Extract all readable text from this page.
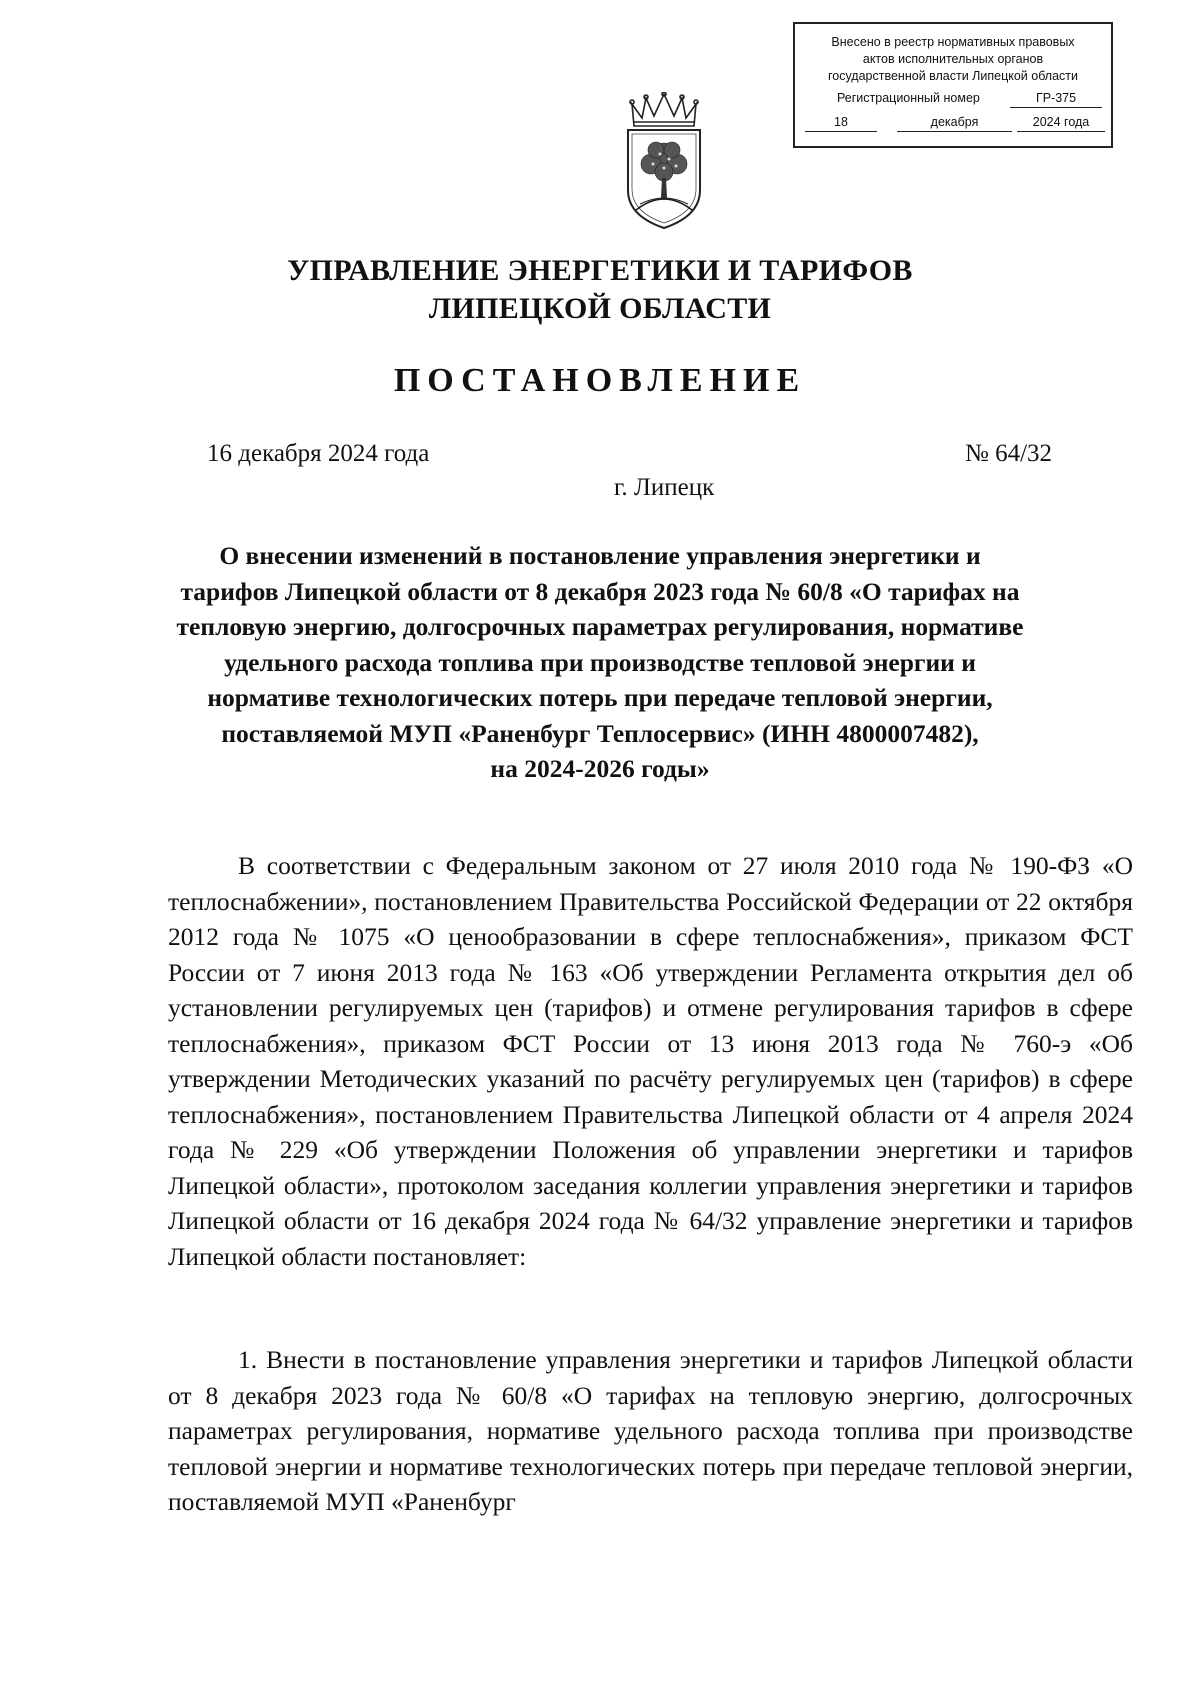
Внесено в реестр нормативных правовых
актов исполнительных органов
государственной власти Липецкой области
Регистрационный номер	ГР-375
18	декабря	2024 года
УПРАВЛЕНИЕ ЭНЕРГЕТИКИ И ТАРИФОВ
ЛИПЕЦКОЙ ОБЛАСТИ
ПОСТАНОВЛЕНИЕ
16 декабря 2024 года	№ 64/32
г. Липецк
О внесении изменений в постановление управления энергетики и
тарифов Липецкой области от 8 декабря 2023 года № 60/8 «О тарифах на
тепловую энергию, долгосрочных параметрах регулирования, нормативе
удельного расхода топлива при производстве тепловой энергии и
нормативе технологических потерь при передаче тепловой энергии,
поставляемой МУП «Раненбург Теплосервис» (ИНН 4800007482),
на 2024-2026 годы»

В соответствии с Федеральным законом от 27 июля 2010 года № 190-ФЗ «О теплоснабжении», постановлением Правительства Российской Федерации от 22 октября 2012 года № 1075 «О ценообразовании в сфере теплоснабжения», приказом ФСТ России от 7 июня 2013 года № 163 «Об утверждении Регламента открытия дел об установлении регулируемых цен (тарифов) и отмене регулирования тарифов в сфере теплоснабжения», приказом ФСТ России от 13 июня 2013 года № 760-э «Об утверждении Методических указаний по расчёту регулируемых цен (тарифов) в сфере теплоснабжения», постановлением Правительства Липецкой области от 4 апреля 2024 года № 229 «Об утверждении Положения об управлении энергетики и тарифов Липецкой области», протоколом заседания коллегии управления энергетики и тарифов Липецкой области от 16 декабря 2024 года № 64/32 управление энергетики и тарифов Липецкой области постановляет:

1. Внести в постановление управления энергетики и тарифов Липецкой области от 8 декабря 2023 года № 60/8 «О тарифах на тепловую энергию, долгосрочных параметрах регулирования, нормативе удельного расхода топлива при производстве тепловой энергии и нормативе технологических потерь при передаче тепловой энергии, поставляемой МУП «Раненбург
